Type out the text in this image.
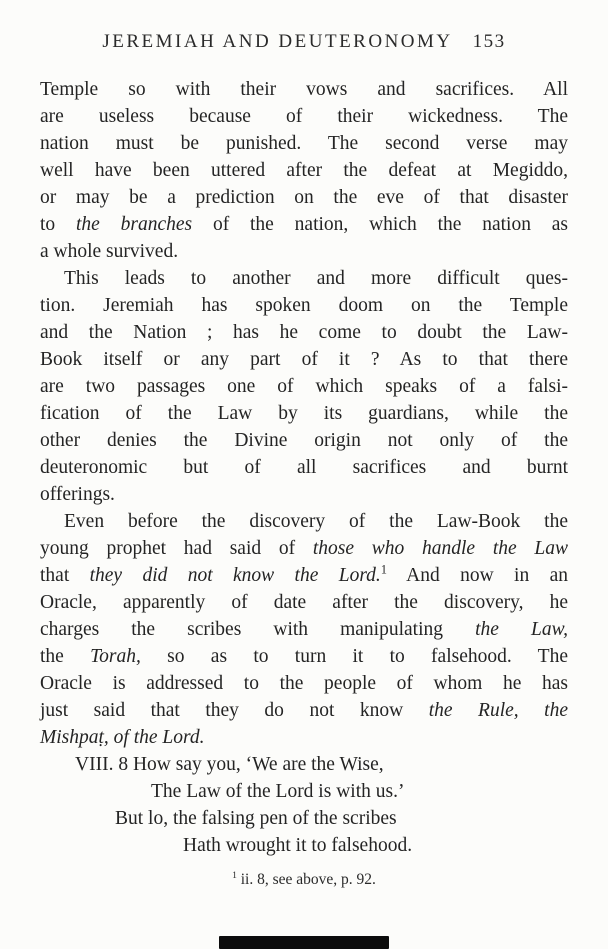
JEREMIAH AND DEUTERONOMY 153
Temple so with their vows and sacrifices. All
are useless because of their wickedness. The
nation must be punished. The second verse may
well have been uttered after the defeat at Megiddo,
or may be a prediction on the eve of that disaster
to the branches of the nation, which the nation as
a whole survived.
This leads to another and more difficult ques-
tion. Jeremiah has spoken doom on the Temple
and the Nation ; has he come to doubt the Law-
Book itself or any part of it ? As to that there
are two passages one of which speaks of a falsi-
fication of the Law by its guardians, while the
other denies the Divine origin not only of the
deuteronomic but of all sacrifices and burnt
offerings.
Even before the discovery of the Law-Book the
young prophet had said of those who handle the Law
that they did not know the Lord.$^1$ And now in an
Oracle, apparently of date after the discovery, he
charges the scribes with manipulating the Law,
the Torah, so as to turn it to falsehood. The
Oracle is addressed to the people of whom he has
just said that they do not know the Rule, the
Mishpaṭ, of the Lord.
VIII. 8 How say you, ‘We are the Wise,
The Law of the Lord is with us.’
But lo, the falsing pen of the scribes
Hath wrought it to falsehood.
$^1$ ii. 8, see above, p. 92.
